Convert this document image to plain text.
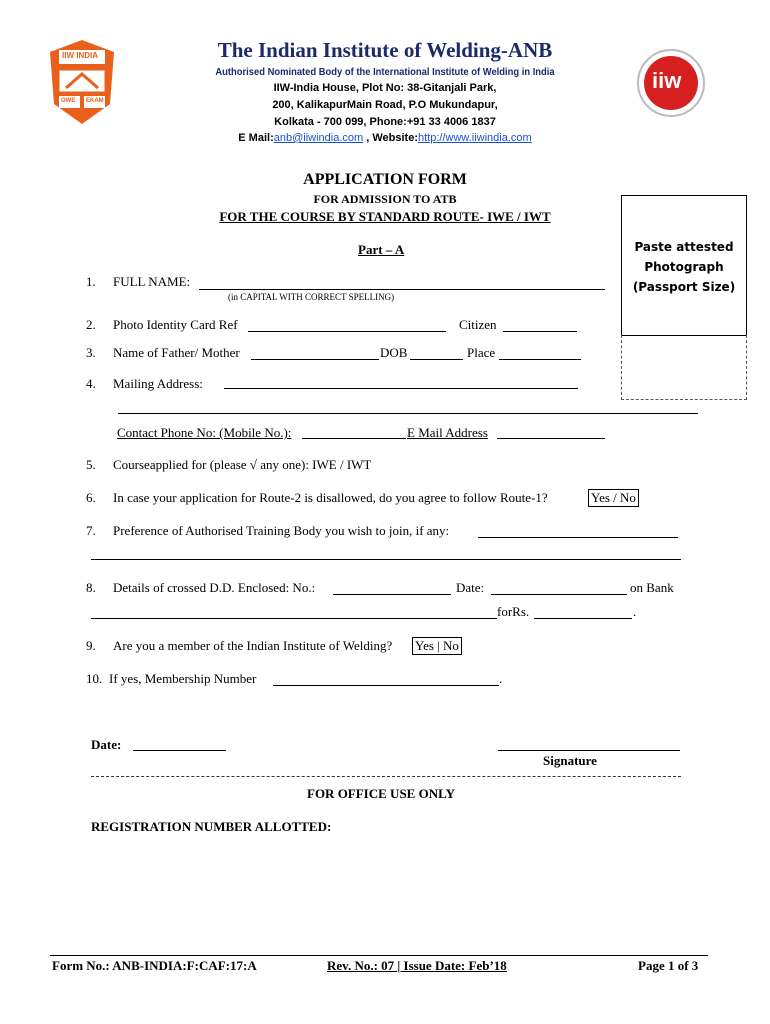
IIW INDIA
OWE EKAM
iiw
The Indian Institute of Welding-ANB
Authorised Nominated Body of the International Institute of Welding in India
IIW-India House, Plot No: 38-Gitanjali Park,
200, KalikapurMain Road, P.O Mukundapur,
Kolkata - 700 099, Phone:+91 33 4006 1837
E Mail:anb@iiwindia.com , Website:http://www.iiwindia.com
APPLICATION FORM
FOR ADMISSION TO ATB
FOR THE COURSE BY STANDARD ROUTE- IWE / IWT
Part – A	Paste attested
Photograph
(Passport Size)
1. FULL NAME:
(in CAPITAL WITH CORRECT SPELLING)
2. Photo Identity Card Ref	Citizen
3. Name of Father/ Mother	DOB	Place
4. Mailing Address:
Contact Phone No: (Mobile No.):	E Mail Address
5. Courseapplied for (please √ any one): IWE / IWT
6. In case your application for Route-2 is disallowed, do you agree to follow Route-1?	Yes / No
7. Preference of Authorised Training Body you wish to join, if any:
8. Details of crossed D.D. Enclosed: No.:	Date:	on Bank
forRs.	.
9. Are you a member of the Indian Institute of Welding? Yes | No
10. If yes, Membership Number	.
Date:
Signature
FOR OFFICE USE ONLY
REGISTRATION NUMBER ALLOTTED:
Form No.: ANB-INDIA:F:CAF:17:A	Rev. No.: 07 | Issue Date: Feb’18	Page 1 of 3
